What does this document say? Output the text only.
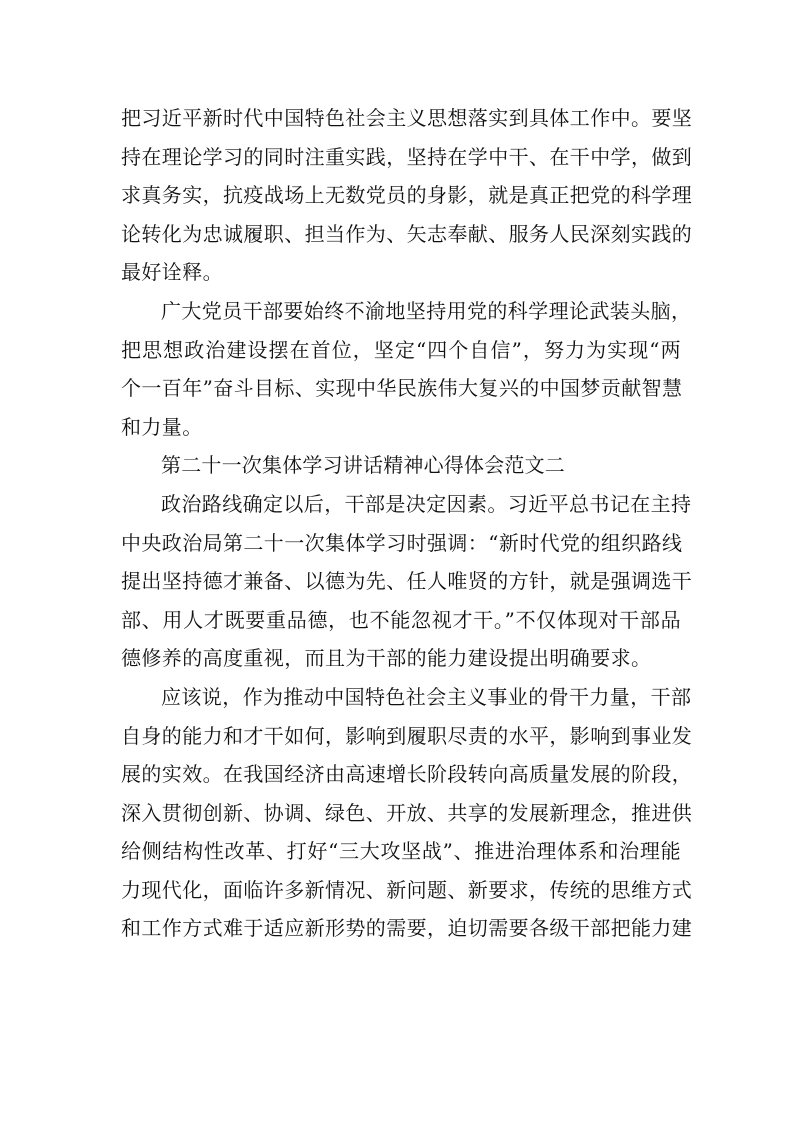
把习近平新时代中国特色社会主义思想落实到具体工作中。要坚
持在理论学习的同时注重实践，坚持在学中干、在干中学，做到
求真务实，抗疫战场上无数党员的身影，就是真正把党的科学理
论转化为忠诚履职、担当作为、矢志奉献、服务人民深刻实践的
最好诠释。
广大党员干部要始终不渝地坚持用党的科学理论武装头脑，
把思想政治建设摆在首位，坚定“四个自信”，努力为实现“两
个一百年”奋斗目标、实现中华民族伟大复兴的中国梦贡献智慧
和力量。
第二十一次集体学习讲话精神心得体会范文二
政治路线确定以后，干部是决定因素。习近平总书记在主持
中央政治局第二十一次集体学习时强调：“新时代党的组织路线
提出坚持德才兼备、以德为先、任人唯贤的方针，就是强调选干
部、用人才既要重品德，也不能忽视才干。”不仅体现对干部品
德修养的高度重视，而且为干部的能力建设提出明确要求。
应该说，作为推动中国特色社会主义事业的骨干力量，干部
自身的能力和才干如何，影响到履职尽责的水平，影响到事业发
展的实效。在我国经济由高速增长阶段转向高质量发展的阶段，
深入贯彻创新、协调、绿色、开放、共享的发展新理念，推进供
给侧结构性改革、打好“三大攻坚战”、推进治理体系和治理能
力现代化，面临许多新情况、新问题、新要求，传统的思维方式
和工作方式难于适应新形势的需要，迫切需要各级干部把能力建
